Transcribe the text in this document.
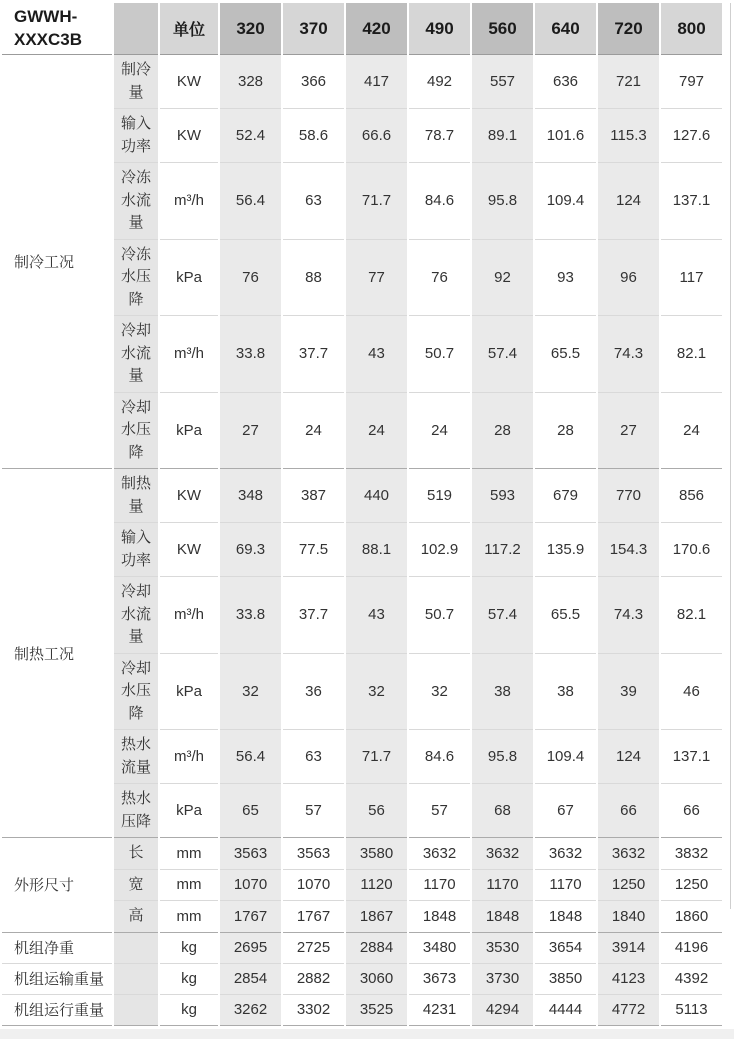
GWWH-XXXC3B		单位	320	370	420	490	560	640	720	800
制冷工况	制冷量	KW	328	366	417	492	557	636	721	797
	输入功率	KW	52.4	58.6	66.6	78.7	89.1	101.6	115.3	127.6
	冷冻水流量	m³/h	56.4	63	71.7	84.6	95.8	109.4	124	137.1
	冷冻水压降	kPa	76	88	77	76	92	93	96	117
	冷却水流量	m³/h	33.8	37.7	43	50.7	57.4	65.5	74.3	82.1
	冷却水压降	kPa	27	24	24	24	28	28	27	24
制热工况	制热量	KW	348	387	440	519	593	679	770	856
	输入功率	KW	69.3	77.5	88.1	102.9	117.2	135.9	154.3	170.6
	冷却水流量	m³/h	33.8	37.7	43	50.7	57.4	65.5	74.3	82.1
	冷却水压降	kPa	32	36	32	32	38	38	39	46
	热水流量	m³/h	56.4	63	71.7	84.6	95.8	109.4	124	137.1
	热水压降	kPa	65	57	56	57	68	67	66	66
外形尺寸	长	mm	3563	3563	3580	3632	3632	3632	3632	3832
	宽	mm	1070	1070	1120	1170	1170	1170	1250	1250
	高	mm	1767	1767	1867	1848	1848	1848	1840	1860
机组净重		kg	2695	2725	2884	3480	3530	3654	3914	4196
机组运输重量		kg	2854	2882	3060	3673	3730	3850	4123	4392
机组运行重量		kg	3262	3302	3525	4231	4294	4444	4772	5113
